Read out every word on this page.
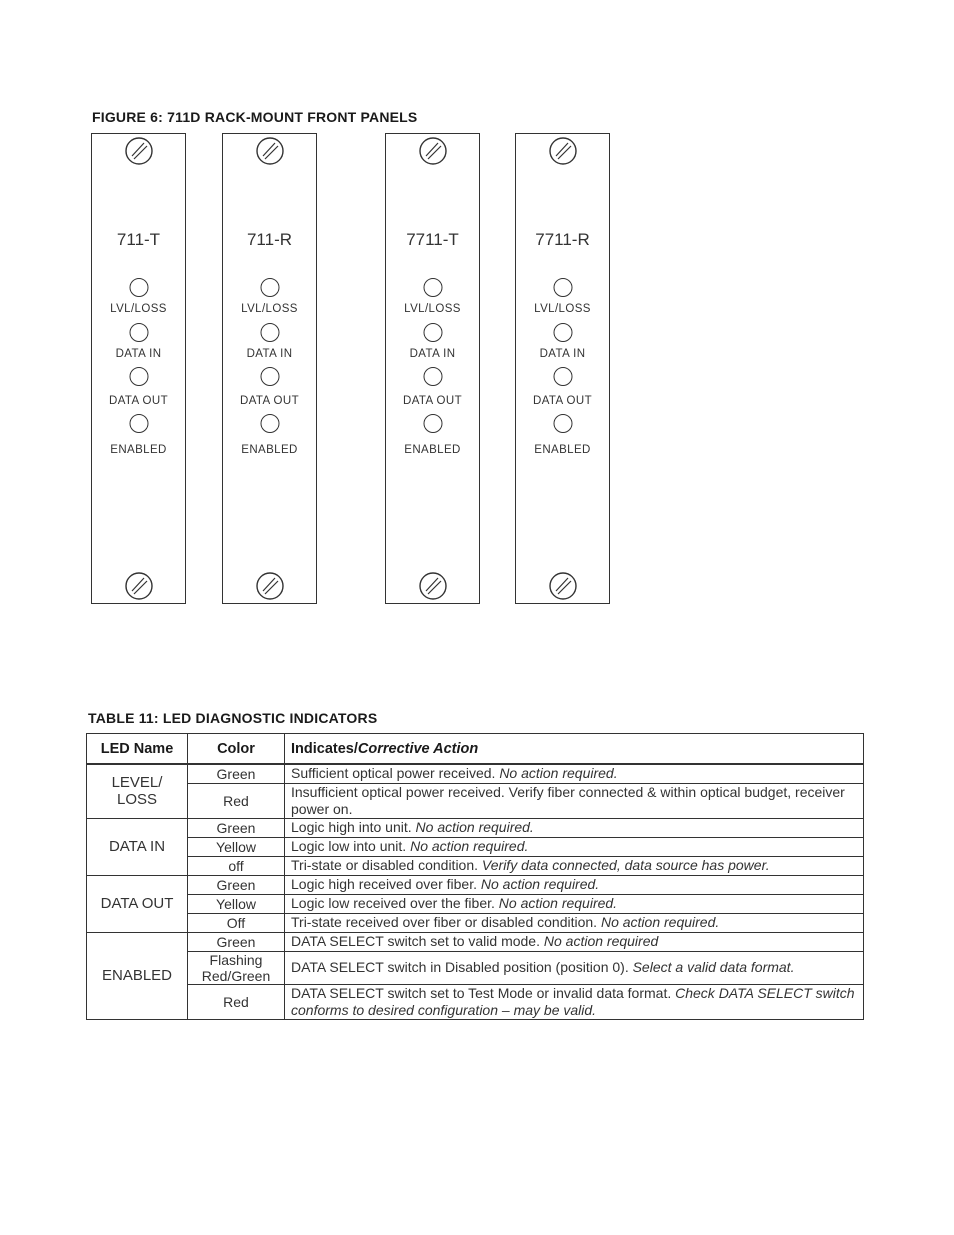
FIGURE 6: 711D RACK-MOUNT FRONT PANELS
711-T
LVL/LOSS
DATA IN
DATA OUT
ENABLED
711-R
LVL/LOSS
DATA IN
DATA OUT
ENABLED
7711-T
LVL/LOSS
DATA IN
DATA OUT
ENABLED
7711-R
LVL/LOSS
DATA IN
DATA OUT
ENABLED
TABLE 11: LED DIAGNOSTIC INDICATORS
LED Name	Color	Indicates/Corrective Action
LEVEL/ LOSS	Green	Sufficient optical power received. No action required.
	Red	Insufficient optical power received. Verify fiber connected & within optical budget, receiver power on.
DATA IN	Green	Logic high into unit. No action required.
	Yellow	Logic low into unit. No action required.
	off	Tri-state or disabled condition. Verify data connected, data source has power.
DATA OUT	Green	Logic high received over fiber. No action required.
	Yellow	Logic low received over the fiber. No action required.
	Off	Tri-state received over fiber or disabled condition. No action required.
ENABLED	Green	DATA SELECT switch set to valid mode. No action required
	Flashing Red/Green	DATA SELECT switch in Disabled position (position 0). Select a valid data format.
	Red	DATA SELECT switch set to Test Mode or invalid data format. Check DATA SELECT switch conforms to desired configuration – may be valid.
